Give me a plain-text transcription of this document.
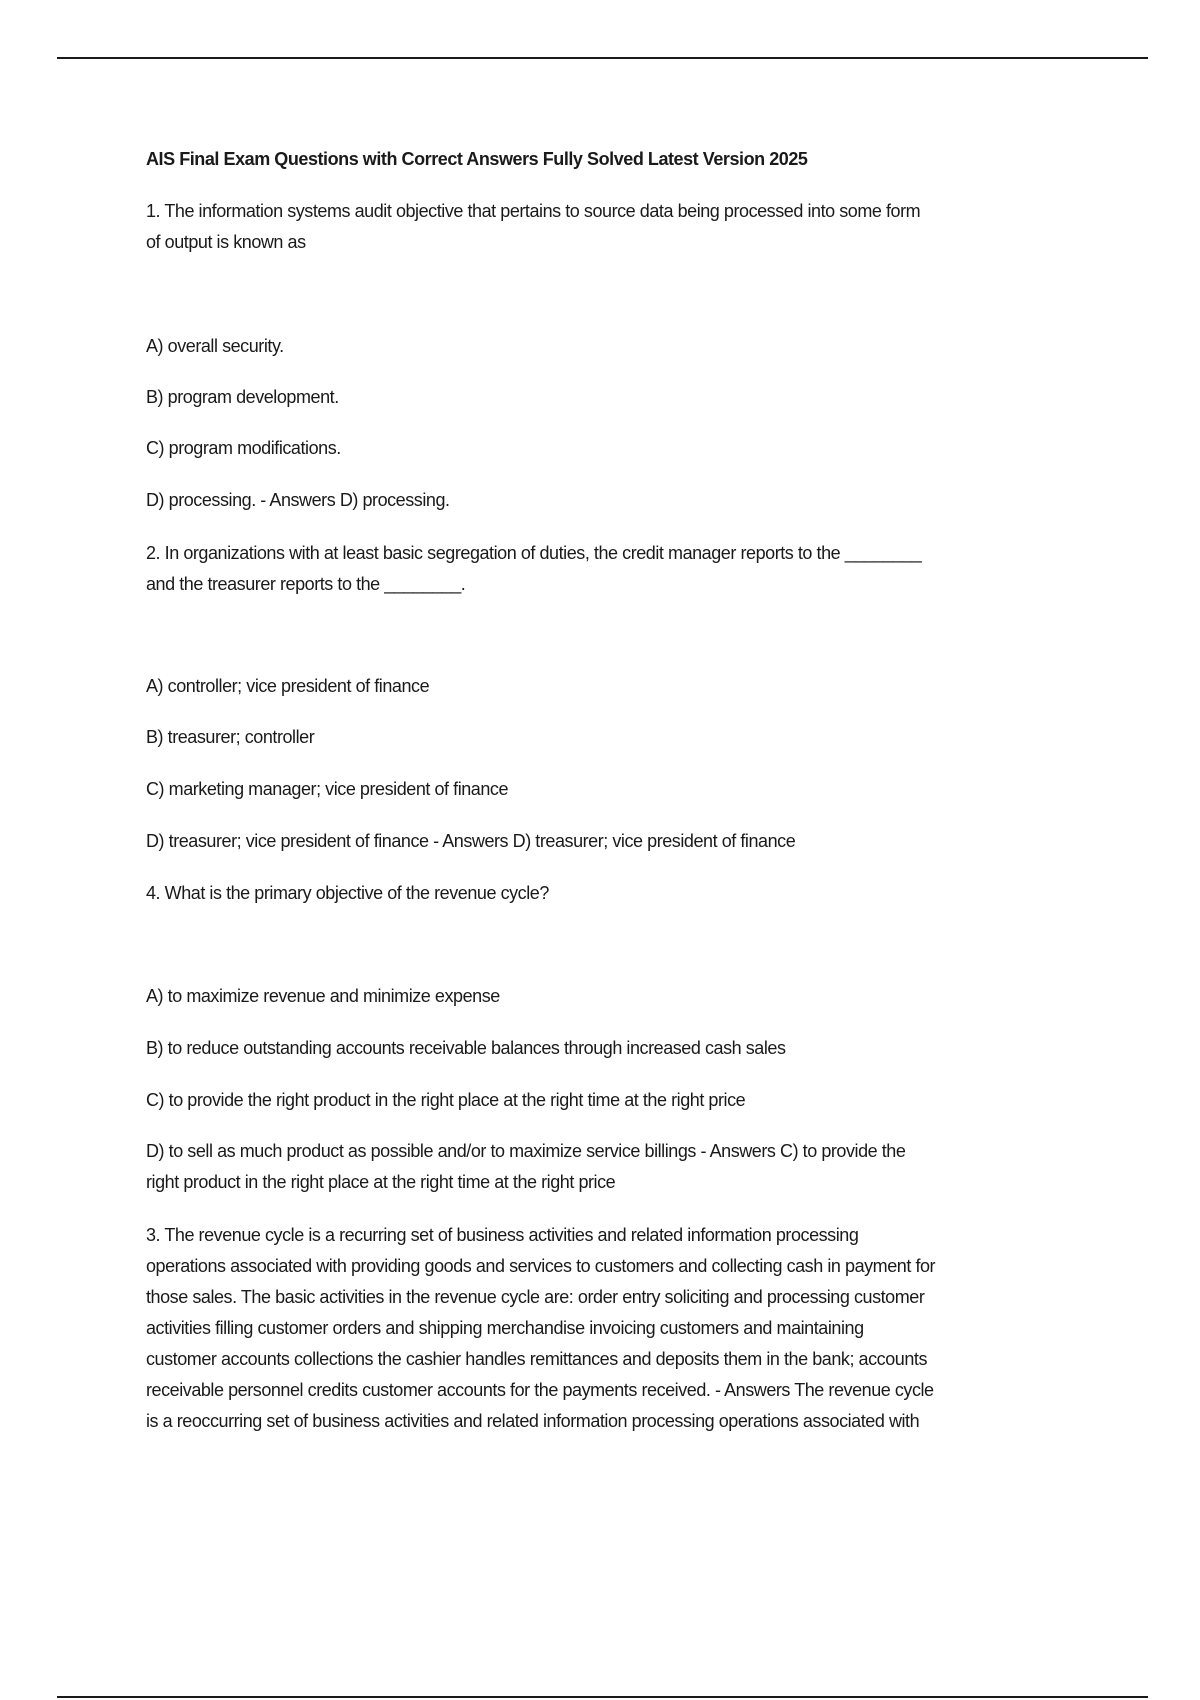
AIS Final Exam Questions with Correct Answers Fully Solved Latest Version 2025
1. The information systems audit objective that pertains to source data being processed into some form
of output is known as
A) overall security.
B) program development.
C) program modifications.
D) processing. - Answers D) processing.
2. In organizations with at least basic segregation of duties, the credit manager reports to the ________
and the treasurer reports to the ________.
A) controller; vice president of finance
B) treasurer; controller
C) marketing manager; vice president of finance
D) treasurer; vice president of finance - Answers D) treasurer; vice president of finance
4. What is the primary objective of the revenue cycle?
A) to maximize revenue and minimize expense
B) to reduce outstanding accounts receivable balances through increased cash sales
C) to provide the right product in the right place at the right time at the right price
D) to sell as much product as possible and/or to maximize service billings - Answers C) to provide the
right product in the right place at the right time at the right price
3. The revenue cycle is a recurring set of business activities and related information processing
operations associated with providing goods and services to customers and collecting cash in payment for
those sales. The basic activities in the revenue cycle are: order entry soliciting and processing customer
activities filling customer orders and shipping merchandise invoicing customers and maintaining
customer accounts collections the cashier handles remittances and deposits them in the bank; accounts
receivable personnel credits customer accounts for the payments received. - Answers The revenue cycle
is a reoccurring set of business activities and related information processing operations associated with
